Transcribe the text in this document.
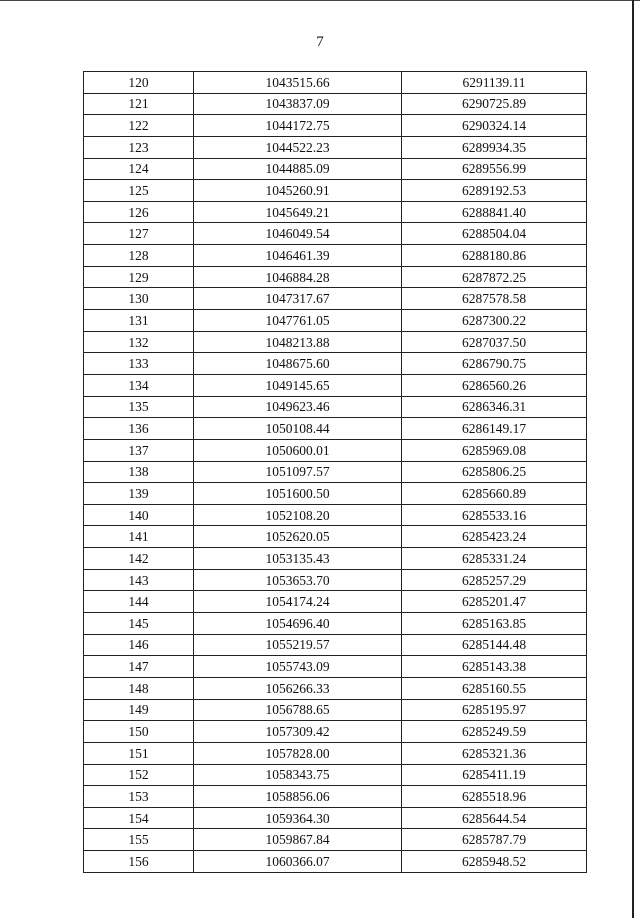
7
120	1043515.66	6291139.11
121	1043837.09	6290725.89
122	1044172.75	6290324.14
123	1044522.23	6289934.35
124	1044885.09	6289556.99
125	1045260.91	6289192.53
126	1045649.21	6288841.40
127	1046049.54	6288504.04
128	1046461.39	6288180.86
129	1046884.28	6287872.25
130	1047317.67	6287578.58
131	1047761.05	6287300.22
132	1048213.88	6287037.50
133	1048675.60	6286790.75
134	1049145.65	6286560.26
135	1049623.46	6286346.31
136	1050108.44	6286149.17
137	1050600.01	6285969.08
138	1051097.57	6285806.25
139	1051600.50	6285660.89
140	1052108.20	6285533.16
141	1052620.05	6285423.24
142	1053135.43	6285331.24
143	1053653.70	6285257.29
144	1054174.24	6285201.47
145	1054696.40	6285163.85
146	1055219.57	6285144.48
147	1055743.09	6285143.38
148	1056266.33	6285160.55
149	1056788.65	6285195.97
150	1057309.42	6285249.59
151	1057828.00	6285321.36
152	1058343.75	6285411.19
153	1058856.06	6285518.96
154	1059364.30	6285644.54
155	1059867.84	6285787.79
156	1060366.07	6285948.52
